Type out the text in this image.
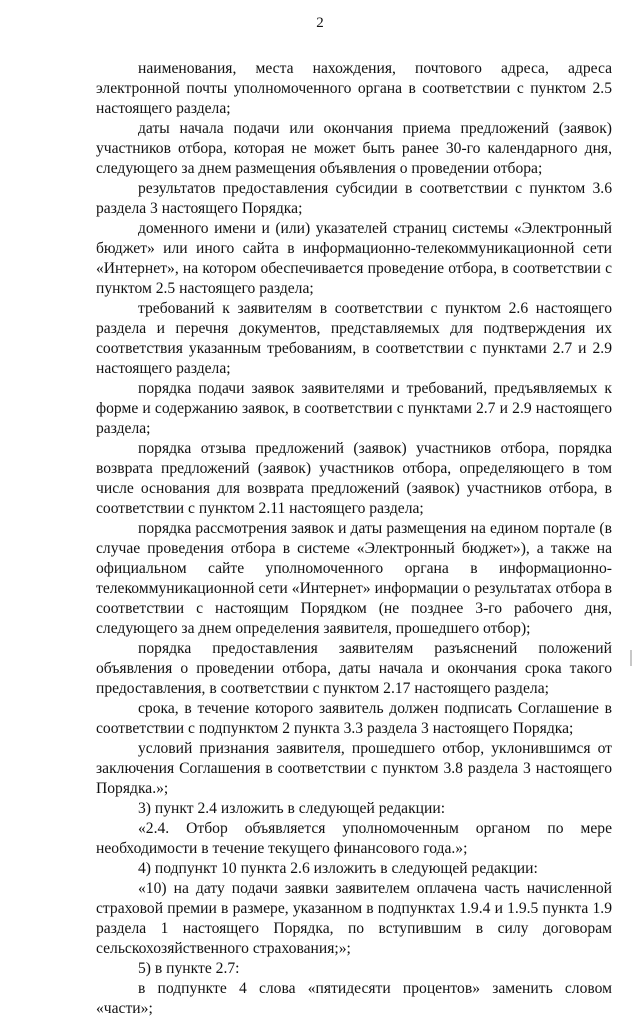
2

наименования, места нахождения, почтового адреса, адреса электронной почты уполномоченного органа в соответствии с пунктом 2.5 настоящего раздела;

даты начала подачи или окончания приема предложений (заявок) участников отбора, которая не может быть ранее 30-го календарного дня, следующего за днем размещения объявления о проведении отбора;

результатов предоставления субсидии в соответствии с пунктом 3.6 раздела 3 настоящего Порядка;

доменного имени и (или) указателей страниц системы «Электронный бюджет» или иного сайта в информационно-телекоммуникационной сети «Интернет», на котором обеспечивается проведение отбора, в соответствии с пунктом 2.5 настоящего раздела;

требований к заявителям в соответствии с пунктом 2.6 настоящего раздела и перечня документов, представляемых для подтверждения их соответствия указанным требованиям, в соответствии с пунктами 2.7 и 2.9 настоящего раздела;

порядка подачи заявок заявителями и требований, предъявляемых к форме и содержанию заявок, в соответствии с пунктами 2.7 и 2.9 настоящего раздела;

порядка отзыва предложений (заявок) участников отбора, порядка возврата предложений (заявок) участников отбора, определяющего в том числе основания для возврата предложений (заявок) участников отбора, в соответствии с пунктом 2.11 настоящего раздела;

порядка рассмотрения заявок и даты размещения на едином портале (в случае проведения отбора в системе «Электронный бюджет»), а также на официальном сайте уполномоченного органа в информационно-телекоммуникационной сети «Интернет» информации о результатах отбора в соответствии с настоящим Порядком (не позднее 3-го рабочего дня, следующего за днем определения заявителя, прошедшего отбор);

порядка предоставления заявителям разъяснений положений объявления о проведении отбора, даты начала и окончания срока такого предоставления, в соответствии с пунктом 2.17 настоящего раздела;

срока, в течение которого заявитель должен подписать Соглашение в соответствии с подпунктом 2 пункта 3.3 раздела 3 настоящего Порядка;

условий признания заявителя, прошедшего отбор, уклонившимся от заключения Соглашения в соответствии с пунктом 3.8 раздела 3 настоящего Порядка.»;

3) пункт 2.4 изложить в следующей редакции:

«2.4. Отбор объявляется уполномоченным органом по мере необходимости в течение текущего финансового года.»;

4) подпункт 10 пункта 2.6 изложить в следующей редакции:

«10) на дату подачи заявки заявителем оплачена часть начисленной страховой премии в размере, указанном в подпунктах 1.9.4 и 1.9.5 пункта 1.9 раздела 1 настоящего Порядка, по вступившим в силу договорам сельскохозяйственного страхования;»;

5) в пункте 2.7:

в подпункте 4 слова «пятидесяти процентов» заменить словом «части»;
